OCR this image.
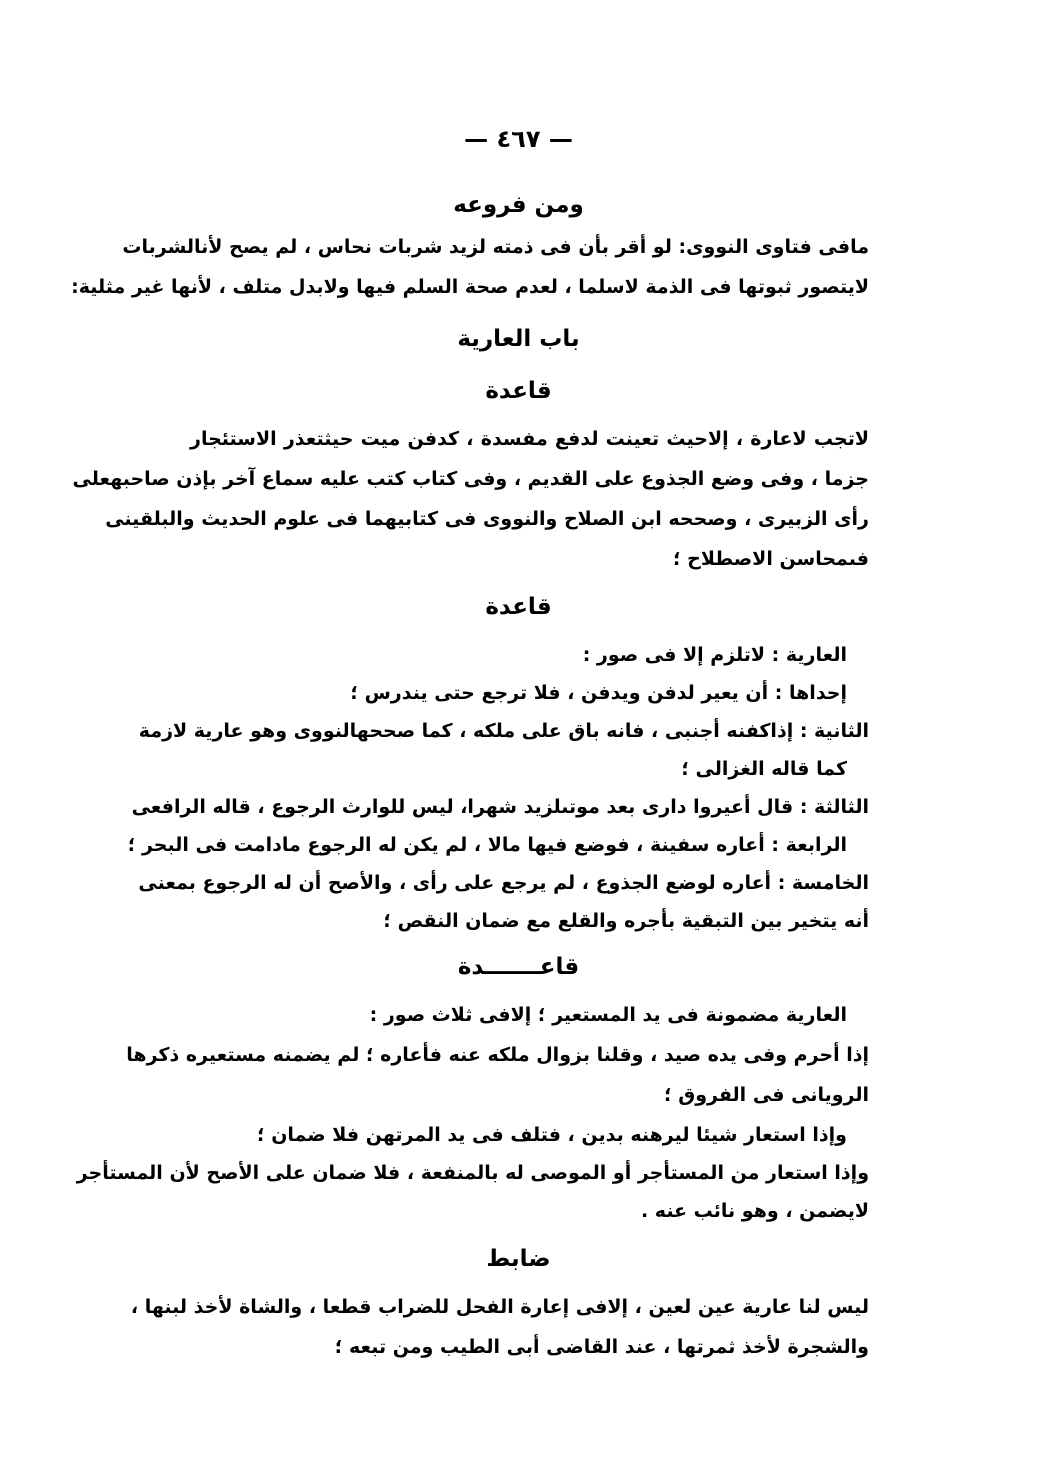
— ٤٦٧ —
ومن فروعه
مافى فتاوى النووى: لو أقر بأن فى ذمته لزيد شربات نحاس ، لم يصح لأنالشربات
لايتصور ثبوتها فى الذمة لاسلما ، لعدم صحة السلم فيها ولابدل متلف ، لأنها غير مثلية:
باب العارية
قاعدة
لاتجب لاعارة ، إلاحيث تعينت لدفع مفسدة ، كدفن ميت حيثتعذر الاستئجار
جزما ، وفى وضع الجذوع على القديم ، وفى كتاب كتب عليه سماع آخر بإذن صاحبهعلى
رأى الزبيرى ، وصححه ابن الصلاح والنووى فى كتابيهما فى علوم الحديث والبلقينى
فىمحاسن الاصطلاح ؛
قاعدة
العارية : لاتلزم إلا فى صور :
إحداها : أن يعير لدفن ويدفن ، فلا ترجع حتى يندرس ؛
الثانية : إذاكفنه أجنبى ، فانه باق على ملكه ، كما صححهالنووى وهو عارية لازمة
كما قاله الغزالى ؛
الثالثة : قال أعيروا دارى بعد موتىلزيد شهرا، ليس للوارث الرجوع ، قاله الرافعى
الرابعة : أعاره سفينة ، فوضع فيها مالا ، لم يكن له الرجوع مادامت فى البحر ؛
الخامسة : أعاره لوضع الجذوع ، لم يرجع على رأى ، والأصح أن له الرجوع بمعنى
أنه يتخير بين التبقية بأجره والقلع مع ضمان النقص ؛
قاعـــــــدة
العارية مضمونة فى يد المستعير ؛ إلافى ثلاث صور :
إذا أحرم وفى يده صيد ، وقلنا بزوال ملكه عنه فأعاره ؛ لم يضمنه مستعيره ذكرها
الرويانى فى الفروق ؛
وإذا استعار شيئا ليرهنه بدين ، فتلف فى يد المرتهن فلا ضمان ؛
وإذا استعار من المستأجر أو الموصى له بالمنفعة ، فلا ضمان على الأصح لأن المستأجر
لايضمن ، وهو نائب عنه .
ضابط
ليس لنا عارية عين لعين ، إلافى إعارة الفحل للضراب قطعا ، والشاة لأخذ لبنها ،
والشجرة لأخذ ثمرتها ، عند القاضى أبى الطيب ومن تبعه ؛
